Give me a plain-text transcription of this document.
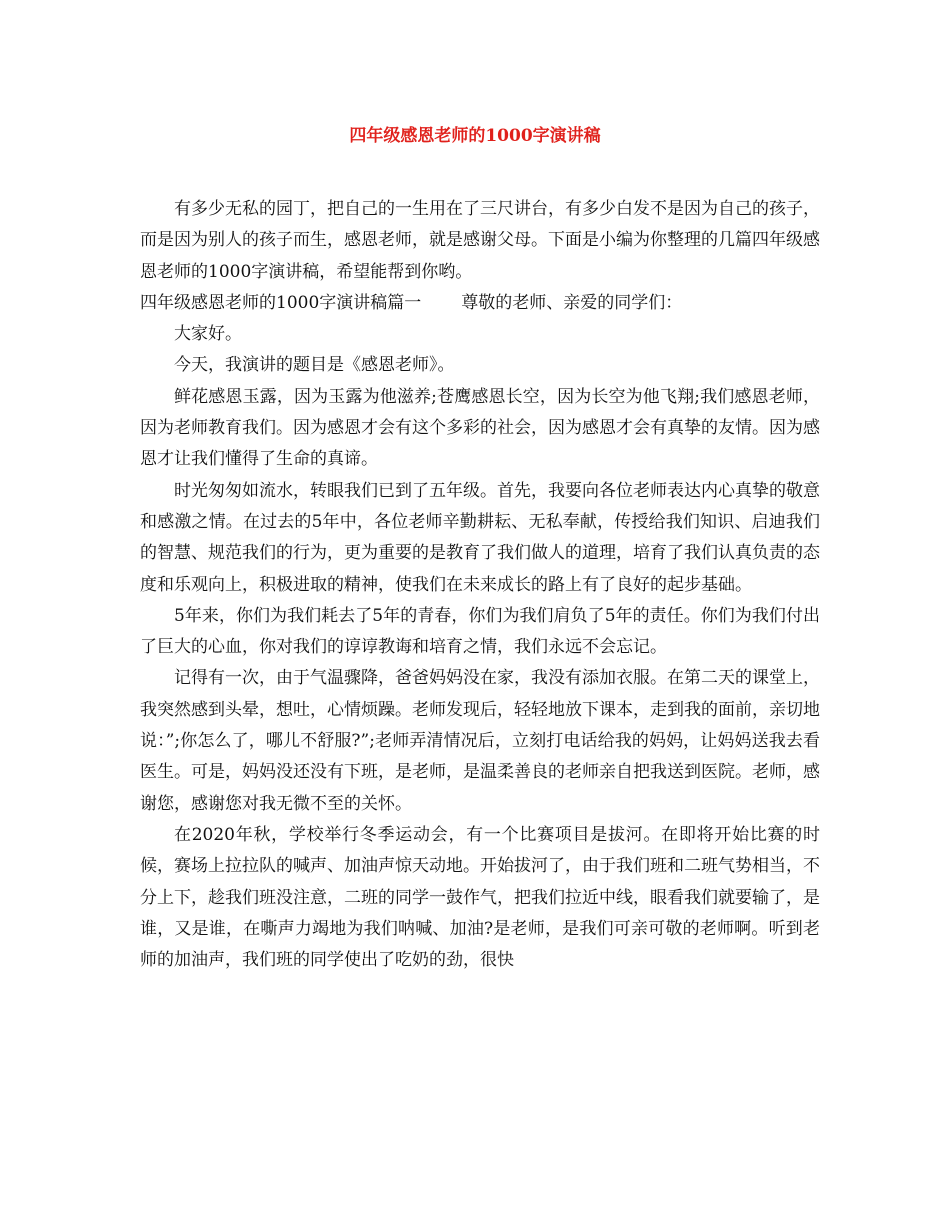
四年级感恩老师的1000字演讲稿

有多少无私的园丁，把自己的一生用在了三尺讲台，有多少白发不是因为自己的孩子，而是因为别人的孩子而生，感恩老师，就是感谢父母。下面是小编为你整理的几篇四年级感恩老师的1000字演讲稿，希望能帮到你哟。

四年级感恩老师的1000字演讲稿篇一 尊敬的老师、亲爱的同学们：

大家好。

今天，我演讲的题目是《感恩老师》。

鲜花感恩玉露，因为玉露为他滋养;苍鹰感恩长空，因为长空为他飞翔;我们感恩老师，因为老师教育我们。因为感恩才会有这个多彩的社会，因为感恩才会有真挚的友情。因为感恩才让我们懂得了生命的真谛。

时光匆匆如流水，转眼我们已到了五年级。首先，我要向各位老师表达内心真挚的敬意和感激之情。在过去的5年中，各位老师辛勤耕耘、无私奉献，传授给我们知识、启迪我们的智慧、规范我们的行为，更为重要的是教育了我们做人的道理，培育了我们认真负责的态度和乐观向上，积极进取的精神，使我们在未来成长的路上有了良好的起步基础。

5年来，你们为我们耗去了5年的青春，你们为我们肩负了5年的责任。你们为我们付出了巨大的心血，你对我们的谆谆教诲和培育之情，我们永远不会忘记。

记得有一次，由于气温骤降，爸爸妈妈没在家，我没有添加衣服。在第二天的课堂上，我突然感到头晕，想吐，心情烦躁。老师发现后，轻轻地放下课本，走到我的面前，亲切地说：”;你怎么了，哪儿不舒服?”;老师弄清情况后，立刻打电话给我的妈妈，让妈妈送我去看医生。可是，妈妈没还没有下班，是老师，是温柔善良的老师亲自把我送到医院。老师，感谢您，感谢您对我无微不至的关怀。

在2020年秋，学校举行冬季运动会，有一个比赛项目是拔河。在即将开始比赛的时候，赛场上拉拉队的喊声、加油声惊天动地。开始拔河了，由于我们班和二班气势相当，不分上下，趁我们班没注意，二班的同学一鼓作气，把我们拉近中线，眼看我们就要输了，是谁，又是谁，在嘶声力竭地为我们呐喊、加油?是老师，是我们可亲可敬的老师啊。听到老师的加油声，我们班的同学使出了吃奶的劲，很快
